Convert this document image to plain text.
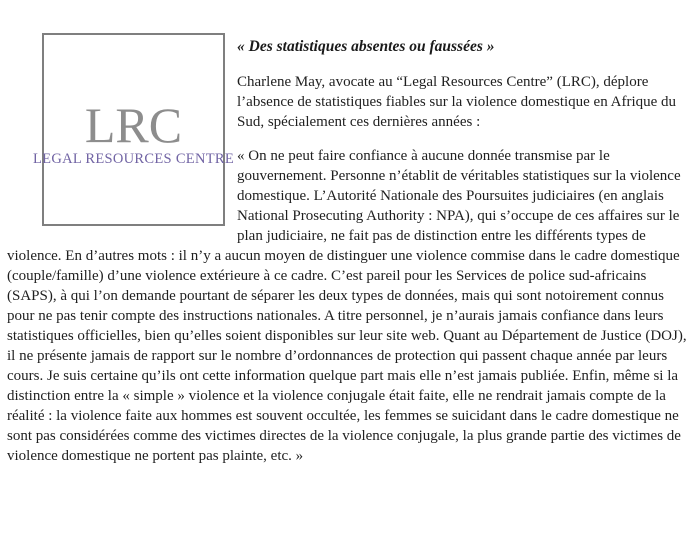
LRC
LEGAL RESOURCES CENTRE

« Des statistiques absentes ou faussées »

Charlene May, avocate au “Legal Resources Centre” (LRC), déplore l’absence de statistiques fiables sur la violence domestique en Afrique du Sud, spécialement ces dernières années :

« On ne peut faire confiance à aucune donnée transmise par le gouvernement. Personne n’établit de véritables statistiques sur la violence domestique. L’Autorité Nationale des Poursuites judiciaires (en anglais National Prosecuting Authority : NPA), qui s’occupe de ces affaires sur le plan judiciaire, ne fait pas de distinction entre les différents types de violence. En d’autres mots : il n’y a aucun moyen de distinguer une violence commise dans le cadre domestique (couple/famille) d’une violence extérieure à ce cadre. C’est pareil pour les Services de police sud-africains (SAPS), à qui l’on demande pourtant de séparer les deux types de données, mais qui sont notoirement connus pour ne pas tenir compte des instructions nationales. A titre personnel, je n’aurais jamais confiance dans leurs statistiques officielles, bien qu’elles soient disponibles sur leur site web. Quant au Département de Justice (DOJ), il ne présente jamais de rapport sur le nombre d’ordonnances de protection qui passent chaque année par leurs cours. Je suis certaine qu’ils ont cette information quelque part mais elle n’est jamais publiée. Enfin, même si la distinction entre la « simple » violence et la violence conjugale était faite, elle ne rendrait jamais compte de la réalité : la violence faite aux hommes est souvent occultée, les femmes se suicidant dans le cadre domestique ne sont pas considérées comme des victimes directes de la violence conjugale, la plus grande partie des victimes de violence domestique ne portent pas plainte, etc. »
